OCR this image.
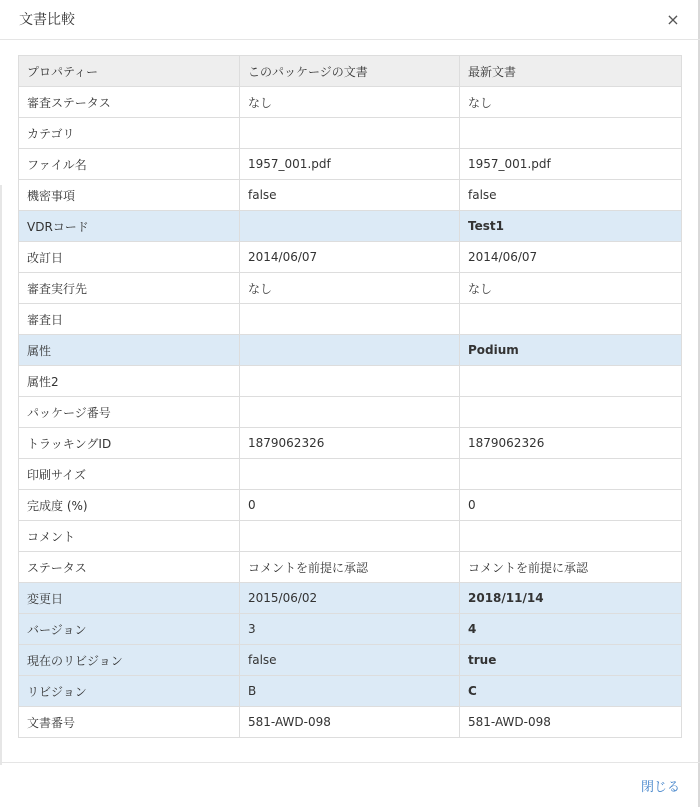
文書比較	×
プロパティー	このパッケージの文書	最新文書
審査ステータス	なし	なし
カテゴリ		
ファイル名	1957_001.pdf	1957_001.pdf
機密事項	false	false
VDRコード		Test1
改訂日	2014/06/07	2014/06/07
審査実行先	なし	なし
審査日		
属性		Podium
属性2		
パッケージ番号		
トラッキングID	1879062326	1879062326
印刷サイズ		
完成度 (%)	0	0
コメント		
ステータス	コメントを前提に承認	コメントを前提に承認
変更日	2015/06/02	2018/11/14
バージョン	3	4
現在のリビジョン	false	true
リビジョン	B	C
文書番号	581-AWD-098	581-AWD-098
閉じる
